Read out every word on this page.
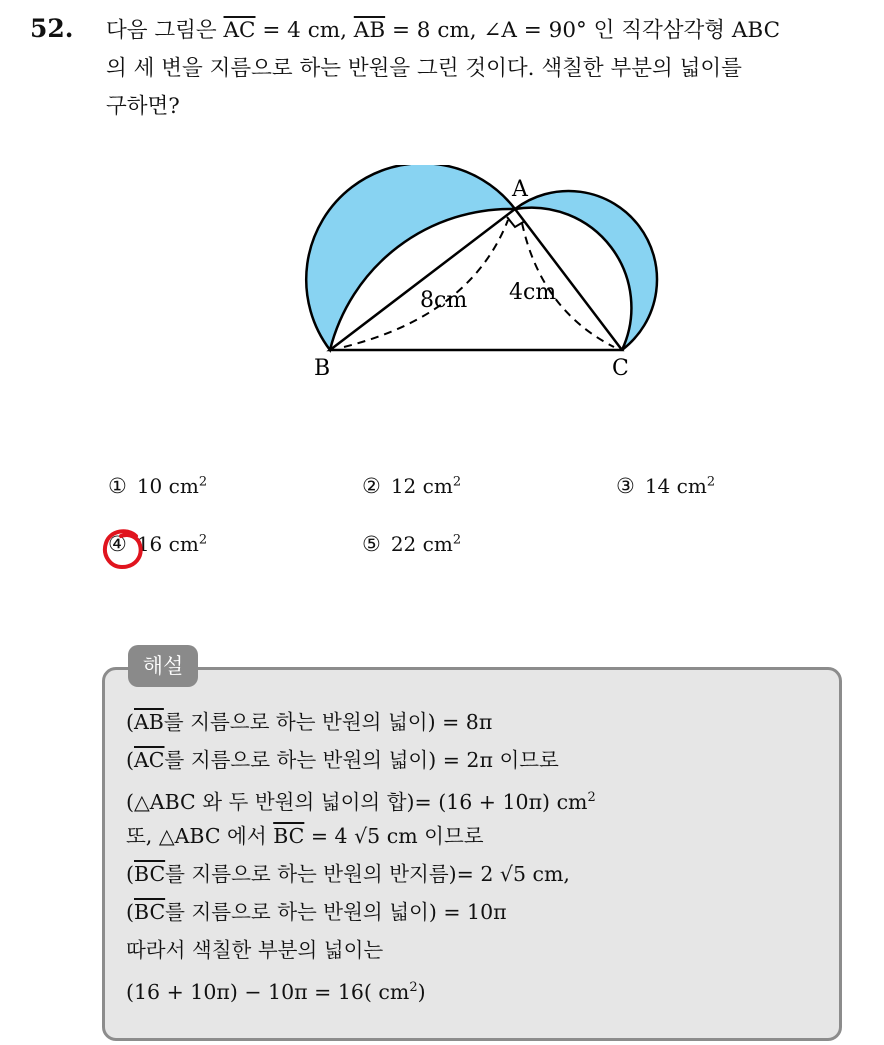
52. 다음 그림은 $\overline{AC} = 4$ cm, $\overline{AB} = 8$ cm, ∠A = 90° 인 직각삼각형 ABC
의 세 변을 지름으로 하는 반원을 그린 것이다. 색칠한 부분의 넓이를
구하면?
A
B	C
8cm 4cm
① 10 $cm^2$	② 12 $cm^2$	③ 14 $cm^2$
④ 16 $cm^2$	⑤ 22 $cm^2$
해설
($\overline{AB}$를 지름으로 하는 반원의 넓이) = 8π
($\overline{AC}$를 지름으로 하는 반원의 넓이) = 2π 이므로
(△ABC 와 두 반원의 넓이의 합)= (16 + 10π) $cm^2$
또, △ABC 에서 $\overline{BC} = 4$ √5 cm 이므로
($\overline{BC}$를 지름으로 하는 반원의 반지름)= 2 √5 cm,
($\overline{BC}$를 지름으로 하는 반원의 넓이) = 10π
따라서 색칠한 부분의 넓이는
(16 + 10π) − 10π = 16( $cm^2$)
